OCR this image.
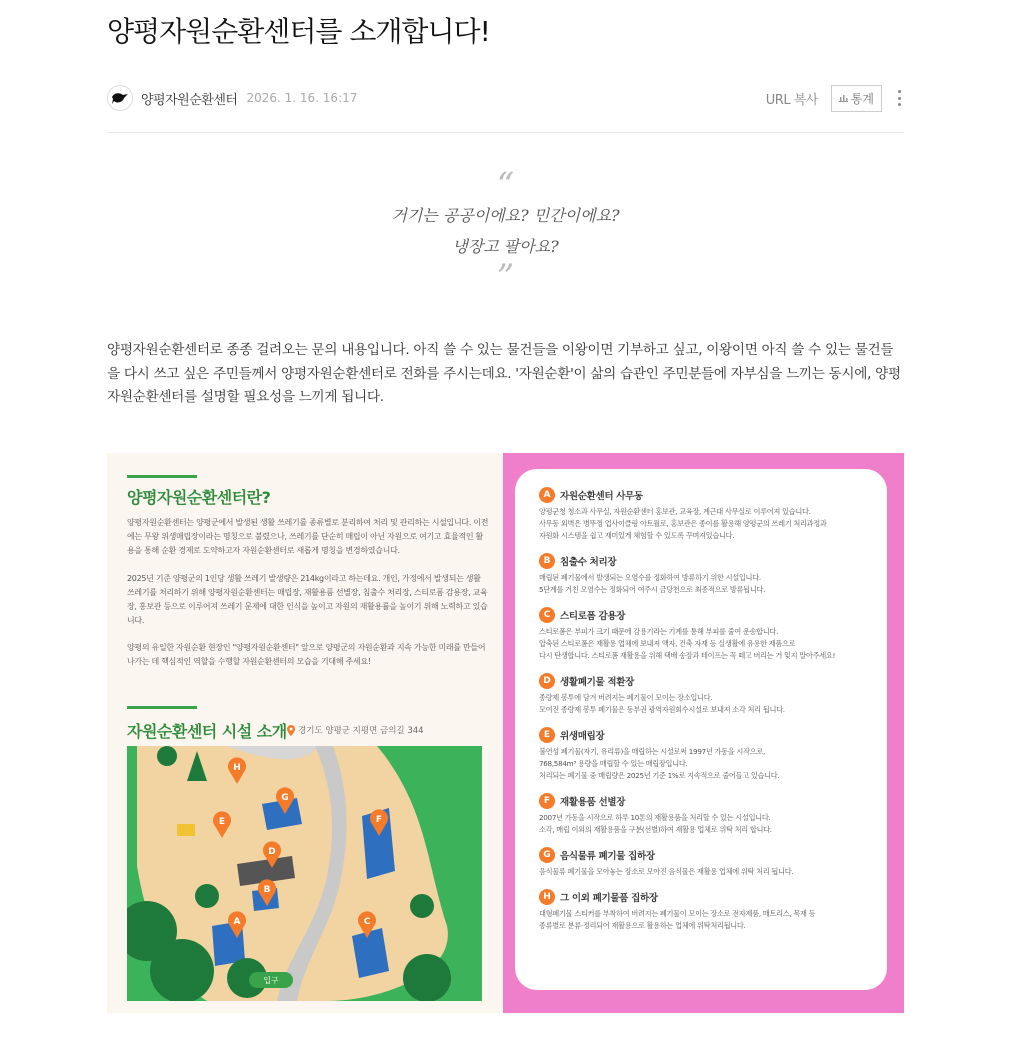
양평자원순환센터를 소개합니다!
양평자원순환센터 2026. 1. 16. 16:17	URL 복사	통계
“
거기는 공공이에요? 민간이에요?
냉장고 팔아요?
”

양평자원순환센터로 종종 걸려오는 문의 내용입니다. 아직 쓸 수 있는 물건들을 이왕이면 기부하고 싶고, 이왕이면 아직 쓸 수 있는 물건들을 다시 쓰고 싶은 주민들께서 양평자원순환센터로 전화를 주시는데요. '자원순환'이 삶의 습관인 주민분들에 자부심을 느끼는 동시에, 양평자원순환센터를 설명할 필요성을 느끼게 됩니다.

양평자원순환센터란?
양평자원순환센터는 양평군에서 발생된 생활 쓰레기를 종류별로 분리하여 처리 및 관리하는 시설입니다. 이전에는 무왕 위생매립장이라는 명칭으로 불렸으나, 쓰레기를 단순히 매립이 아닌 자원으로 여기고 효율적인 활용을 통해 순환 경제로 도약하고자 자원순환센터로 새롭게 명칭을 변경하였습니다.
2025년 기준 양평군의 1인당 생활 쓰레기 발생량은 214kg이라고 하는데요. 개인, 가정에서 발생되는 생활 쓰레기를 처리하기 위해 양평자원순환센터는 매립장, 재활용품 선별장, 침출수 처리장, 스티로폼 감용장, 교육장, 홍보관 등으로 이루어져 쓰레기 문제에 대한 인식을 높이고 자원의 재활용률을 높이기 위해 노력하고 있습니다.
양평의 유일한 자원순환 현장인 "양평자원순환센터" 앞으로 양평군의 자원순환과 지속 가능한 미래를 만들어 나가는 데 핵심적인 역할을 수행할 자원순환센터의 모습을 기대해 주세요!
자원순환센터 시설 소개 경기도 양평군 지평면 금의길 344
입구
A
B
C
D
E	F
G
H
A	자원순환센터 사무동
양평군청 청소과 사무실, 자원순환센터 홍보관, 교육장, 계근대 사무실로 이루어져 있습니다.
사무동 외벽은 병뚜껑 업사이클링 아트월로, 홍보관은 종이를 활용해 양평군의 쓰레기 처리과정과
자원화 시스템을 쉽고 재미있게 체험할 수 있도록 꾸며져있습니다.
B	침출수 처리장
매립된 폐기물에서 발생되는 오염수를 정화하여 방류하기 위한 시설입니다.
5단계를 거친 오염수는 정화되어 여주시 금당천으로 최종적으로 방류됩니다.
C	스티로폼 감용장
스티로폼은 부피가 크기 때문에 감용기라는 기계를 통해 부피를 줄여 운송합니다.
압축된 스티로폼은 재활용 업체에 보내져 액자, 건축 자재 등 실생활에 유용한 제품으로
다시 탄생합니다. 스티로폼 재활용을 위해 택배 송장과 테이프는 꼭 떼고 버리는 거 잊지 말아주세요!
D 생활폐기물 적환장
종량제 봉투에 담겨 버려지는 폐기물이 모이는 장소입니다.
모여진 종량제 봉투 폐기물은 동부권 광역자원회수시설로 보내져 소각 처리 됩니다.
E	위생매립장
불연성 폐기물(자기, 유리류)을 매립하는 시설로써 1997년 가동을 시작으로,
768,584m³ 용량을 매립할 수 있는 매립장입니다.
처리되는 폐기물 중 매립량은 2025년 기준 1%로 지속적으로 줄어들고 있습니다.
F	재활용품 선별장
2007년 가동을 시작으로 하루 10톤의 재활용품을 처리할 수 있는 시설입니다.
소각, 매립 이외의 재활용품을 구분(선별)하여 재활용 업체로 위탁 처리 합니다.
G 음식물류 폐기물 집하장
음식물류 폐기물을 모아놓는 장소로 모아진 음식물은 재활용 업체에 위탁 처리 됩니다.
H 그 이외 폐기물품 집하장
대형폐기물 스티커를 부착하여 버려지는 폐기물이 모이는 장소로 전자제품, 매트리스, 목재 등
종류별로 분류·정리되어 재활용으로 활용하는 업체에 위탁처리됩니다.
